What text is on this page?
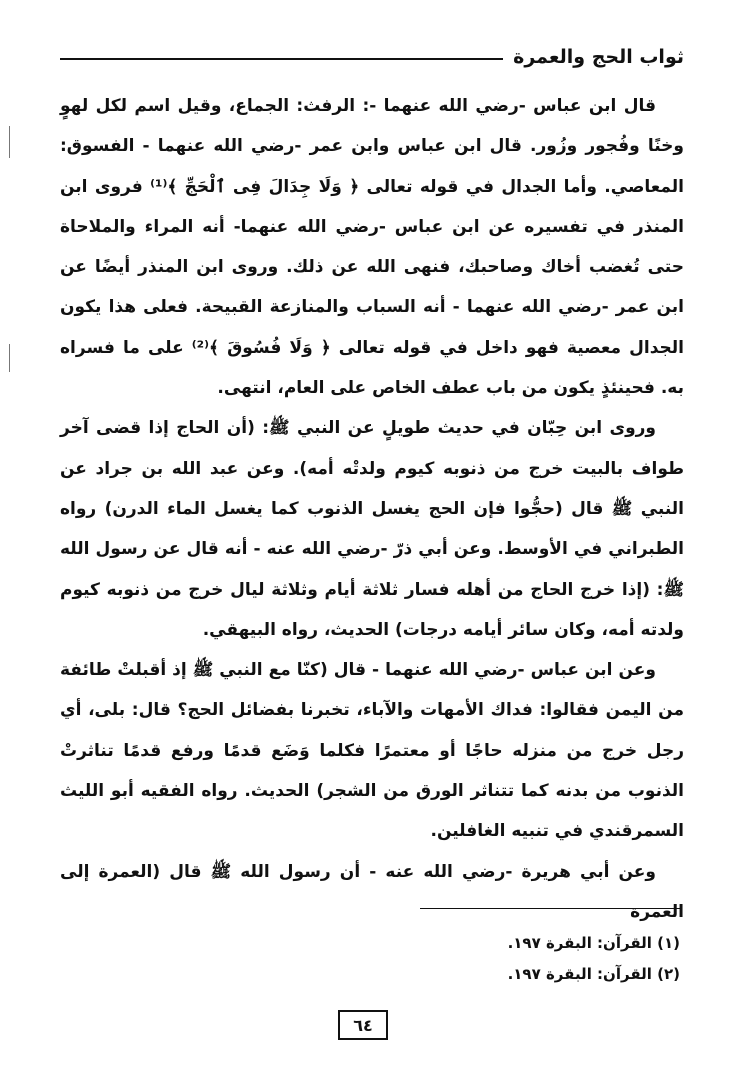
ثواب الحج والعمرة

قال ابن عباس -رضي الله عنهما -: الرفث: الجماع، وقيل اسم لكل لهوٍ وخنًا وفُجور وزُور. قال ابن عباس وابن عمر -رضي الله عنهما - الفسوق: المعاصي. وأما الجدال في قوله تعالى ﴿ وَلَا جِدَالَ فِى ٱلْحَجِّ ﴾⁽¹⁾ فروى ابن المنذر في تفسيره عن ابن عباس -رضي الله عنهما- أنه المراء والملاحاة حتى تُغضب أخاك وصاحبك، فنهى الله عن ذلك. وروى ابن المنذر أيضًا عن ابن عمر -رضي الله عنهما - أنه السباب والمنازعة القبيحة. فعلى هذا يكون الجدال معصية فهو داخل في قوله تعالى ﴿ وَلَا فُسُوقَ ﴾⁽²⁾ على ما فسراه به. فحينئذٍ يكون من باب عطف الخاص على العام، انتهى.

وروى ابن حِبّان في حديث طويلٍ عن النبي ﷺ: (أن الحاج إذا قضى آخر طواف بالبيت خرج من ذنوبه كيوم ولدتْه أمه). وعن عبد الله بن جراد عن النبي ﷺ قال (حجُّوا فإن الحج يغسل الذنوب كما يغسل الماء الدرن) رواه الطبراني في الأوسط. وعن أبي ذرّ -رضي الله عنه - أنه قال عن رسول الله ﷺ: (إذا خرج الحاج من أهله فسار ثلاثة أيام وثلاثة ليال خرج من ذنوبه كيوم ولدته أمه، وكان سائر أيامه درجات) الحديث، رواه البيهقي.

وعن ابن عباس -رضي الله عنهما - قال (كنّا مع النبي ﷺ إذ أقبلتْ طائفة من اليمن فقالوا: فداك الأمهات والآباء، تخبرنا بفضائل الحج؟ قال: بلى، أي رجل خرج من منزله حاجًا أو معتمرًا فكلما وَضَع قدمًا ورفع قدمًا تناثرتْ الذنوب من بدنه كما تتناثر الورق من الشجر) الحديث. رواه الفقيه أبو الليث السمرقندي في تنبيه الغافلين.

وعن أبي هريرة -رضي الله عنه - أن رسول الله ﷺ قال (العمرة إلى العمرة

(١) القرآن: البقرة ١٩٧.
(٢) القرآن: البقرة ١٩٧.
٦٤
